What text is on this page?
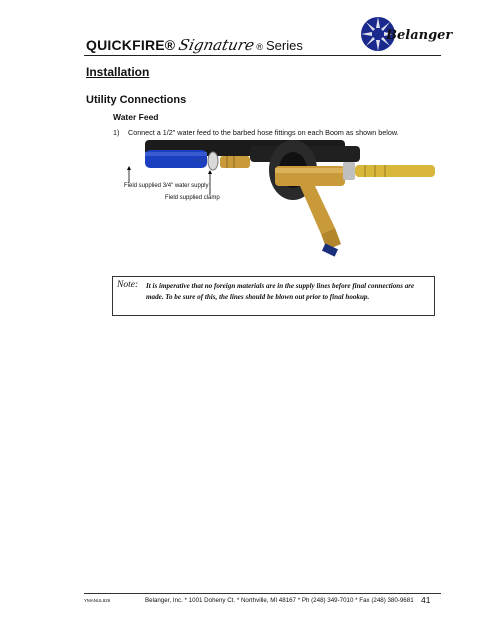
QUICKFIRE® Signature ® Series
Belanger
Installation
Utility Connections
Water Feed
1)	Connect a 1/2" water feed to the barbed hose fittings on each Boom as shown below.
Field supplied 3/4" water supply
Field supplied clamp
Note: It is imperative that no foreign materials are in the supply lines before final connections are made. To be sure of this, the lines should be blown out prior to final hookup.
YMANUL926	Belanger, Inc. * 1001 Doheny Ct. * Northville, MI 48167 * Ph (248) 349-7010 * Fax (248) 380-9681 41
